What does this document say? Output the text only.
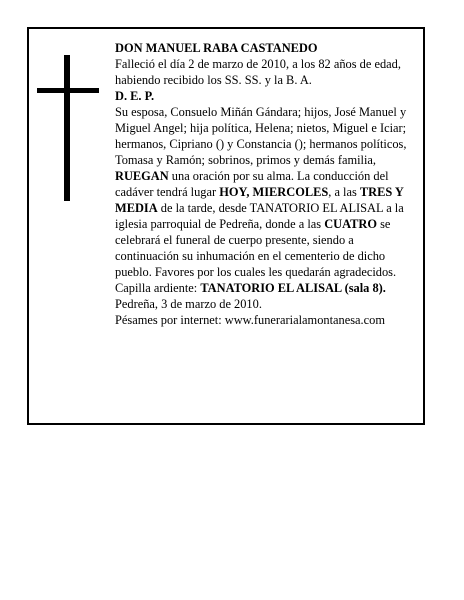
DON MANUEL RABA CASTANEDO

Falleció el día 2 de marzo de 2010, a los 82 años de edad, habiendo recibido los SS. SS. y la B. A.

D. E. P.

Su esposa, Consuelo Miñán Gándara; hijos, José Manuel y Miguel Angel; hija política, Helena; nietos, Miguel e Iciar; hermanos, Cipriano () y Constancia (); hermanos políticos, Tomasa y Ramón; sobrinos, primos y demás familia,

RUEGAN una oración por su alma. La conducción del cadáver tendrá lugar HOY, MIERCOLES, a las TRES Y MEDIA de la tarde, desde TANATORIO EL ALISAL a la iglesia parroquial de Pedreña, donde a las CUATRO se celebrará el funeral de cuerpo presente, siendo a continuación su inhumación en el cementerio de dicho pueblo. Favores por los cuales les quedarán agradecidos. Capilla ardiente: TANATORIO EL ALISAL (sala 8).

Pedreña, 3 de marzo de 2010.

Pésames por internet: www.funerarialamontanesa.com
